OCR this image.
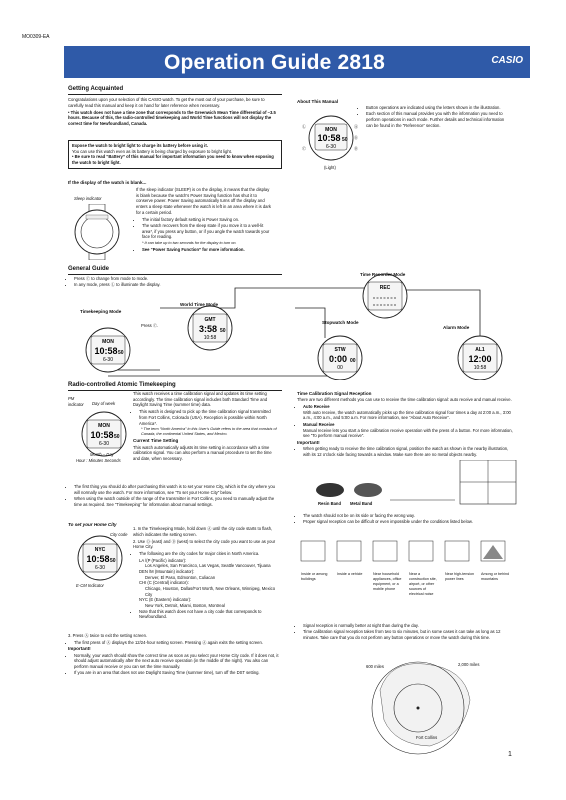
MO0309-EA
Operation Guide 2818	CASIO
Getting Acquainted

Congratulations upon your selection of this CASIO watch. To get the most out of your purchase, be sure to carefully read this manual and keep it on hand for later reference when necessary.

• This watch does not have a time zone that corresponds to the Greenwich Mean Time differential of –3.5 hours. Because of this, the radio-controlled timekeeping and World Time functions will not display the correct time for Newfoundland, Canada.

Expose the watch to bright light to charge its battery before using it.
You can use this watch even as its battery is being charged by exposure to bright light.
• Be sure to read “Battery” of this manual for important information you need to know when exposing the watch to bright light.
If the display of the watch is blank...
Sleep indicator

If the sleep indicator (SLEEP) is on the display, it means that the display is blank because the watch's Power Saving function has shut it to conserve power. Power Saving automatically turns off the display and enters a sleep state whenever the watch is left in an area where it is dark for a certain period.

• The initial factory default setting is Power Saving on.
• The watch recovers from the sleep state if you move it to a well-lit area*, if you press any button, or if you angle the watch towards your face for reading.

* It can take up to two seconds for the display to turn on.

• See “Power Saving Function” for more information.
About This Manual
MON
10:58 50
6-30
Ⓛ
Ⓒ
Ⓐ
Ⓑ
Ⓓ
(Light)
• Button operations are indicated using the letters shown in the illustration.
• Each section of this manual provides you with the information you need to perform operations in each mode. Further details and technical information can be found in the “Reference” section.
General Guide
• Press Ⓒ to change from mode to mode.
• In any mode, press Ⓛ to illuminate the display.
MON
10:58 50
6-30
GMT
3:58 50
10:58
REC
STW
0:00 00
00
AL1
12:00
10:58
Timekeeping Mode
World Time Mode
Time Recorder Mode
Stopwatch Mode
Alarm Mode
Press Ⓒ.
Radio-controlled Atomic Timekeeping
MON
10:58 50
6-30
PM indicator	Day of week
Month – Day
Hour : Minutes Seconds

This watch receives a time calibration signal and updates its time setting accordingly. The time calibration signal includes both Standard Time and Daylight Saving Time (summer time) data.

• This watch is designed to pick up the time calibration signal transmitted from Fort Collins, Colorado (USA). Reception is possible within North America*.

* The term “North America” in this User's Guide refers to the area that consists of Canada, the continental United States, and Mexico.

Current Time Setting

This watch automatically adjusts its time setting in accordance with a time calibration signal. You can also perform a manual procedure to set the time and date, when necessary.

• The first thing you should do after purchasing this watch is to set your Home City, which is the city where you will normally use the watch. For more information, see “To set your Home City” below.
• When using the watch outside of the range of the transmitter in Fort Collins, you need to manually adjust the time as required. See “Timekeeping” for information about manual settings.
To set your Home City
NYC
10:58 50
6-30
City code
E-CM Indicator

1. In the Timekeeping Mode, hold down Ⓐ until the city code starts to flash, which indicates the setting screen.

2. Use Ⓓ (east) and Ⓑ (west) to select the city code you want to use as your Home City.

• The following are the city codes for major cities in North America.
LA /(P (Pacific) indicator):
Los Angeles, San Francisco, Las Vegas, Seattle Vancouver, Tijuana
DEN /M (Mountain) indicator):
Denver, El Paso, Edmonton, Culiacan
CHI (C (Central) indicator):
Chicago, Houston, Dallas/Fort Worth, New Orleans, Winnipeg, Mexico City
NYC (E (Eastern) indicator):
New York, Detroit, Miami, Boston, Montreal
• Note that this watch does not have a city code that corresponds to Newfoundland.

3. Press Ⓐ twice to exit the setting screen.

• The first press of Ⓐ displays the 12/24-hour setting screen. Pressing Ⓐ again exits the setting screen.
Important!
• Normally, your watch should show the correct time as soon as you select your Home City code. If it does not, it should adjust automatically after the next auto receive operation (in the middle of the night). You also can perform manual receive or you can set the time manually.
• If you are in an area that does not use Daylight Saving Time (summer time), turn off the DST setting.
Time Calibration Signal Reception

There are two different methods you can use to receive the time calibration signal: auto receive and manual receive.

• Auto Receive
With auto receive, the watch automatically picks up the time calibration signal four times a day at 2:00 a.m., 3:00 a.m., 4:00 a.m., and 5:00 a.m. For more information, see “About Auto Receive”.
• Manual Receive
Manual receive lets you start a time calibration receive operation with the press of a button. For more information, see “To perform manual receive”.
Important!
• When getting ready to receive the time calibration signal, position the watch as shown in the nearby illustration, with its 12 o'clock side facing towards a window. Make sure there are no metal objects nearby.
Resin Band Metal Band
• The watch should not be on its side or facing the wrong way.
• Proper signal reception can be difficult or even impossible under the conditions listed below.
Inside or among buildings
Inside a vehicle	Near household appliances, office equipment, or a mobile phone
Near a construction site, airport, or other sources of electrical noise
Near high-tension power lines
Among or behind mountains
• Signal reception is normally better at night than during the day.
• Time calibration signal reception takes from two to six minutes, but in some cases it can take as long as 12 minutes. Take care that you do not perform any button operations or move the watch during this time.
600 miles	2,000 miles
Fort Collins
1
